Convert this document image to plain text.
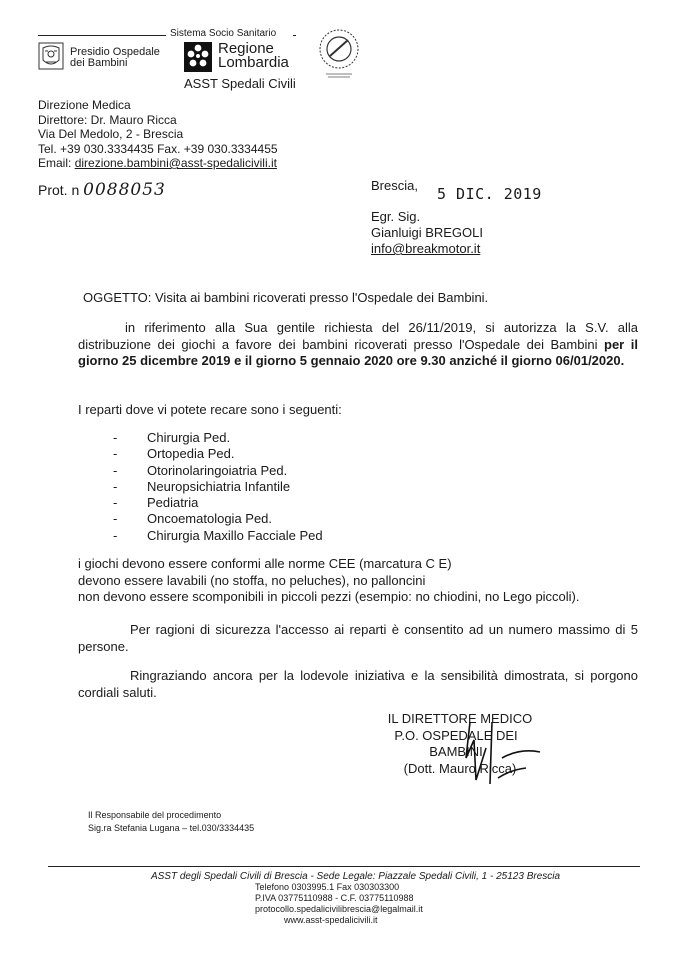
Sistema Socio Sanitario
Presidio Ospedale
dei Bambini
Regione
Lombardia
ASST Spedali Civili
Direzione Medica
Direttore: Dr. Mauro Ricca
Via Del Medolo, 2 - Brescia
Tel. +39 030.3334435 Fax. +39 030.3334455
Email: direzione.bambini@asst-spedalicivili.it
Prot. n 0088053	Brescia, 5 DIC. 2019
Egr. Sig.
Gianluigi BREGOLI
info@breakmotor.it
OGGETTO: Visita ai bambini ricoverati presso l'Ospedale dei Bambini.
in riferimento alla Sua gentile richiesta del 26/11/2019, si autorizza la S.V. alla distribuzione dei giochi a favore dei bambini ricoverati presso l'Ospedale dei Bambini per il giorno 25 dicembre 2019 e il giorno 5 gennaio 2020 ore 9.30 anziché il giorno 06/01/2020.
I reparti dove vi potete recare sono i seguenti:
- Chirurgia Ped.
- Ortopedia Ped.
- Otorinolaringoiatria Ped.
- Neuropsichiatria Infantile
- Pediatria
- Oncoematologia Ped.
- Chirurgia Maxillo Facciale Ped
i giochi devono essere conformi alle norme CEE (marcatura C E)
devono essere lavabili (no stoffa, no peluches), no palloncini
non devono essere scomponibili in piccoli pezzi (esempio: no chiodini, no Lego piccoli).
Per ragioni di sicurezza l'accesso ai reparti è consentito ad un numero massimo di 5 persone.
Ringraziando ancora per la lodevole iniziativa e la sensibilità dimostrata, si porgono cordiali saluti.
IL DIRETTORE MEDICO
P.O. OSPEDALE DEI BAMBINI
(Dott. Mauro Ricca)
Il Responsabile del procedimento
Sig.ra Stefania Lugana – tel.030/3334435
ASST degli Spedali Civili di Brescia - Sede Legale: Piazzale Spedali Civili, 1 - 25123 Brescia
Telefono 0303995.1 Fax 030303300
P.IVA 03775110988 - C.F. 03775110988
protocollo.spedalicivilibrescia@legalmail.it
www.asst-spedalicivili.it
